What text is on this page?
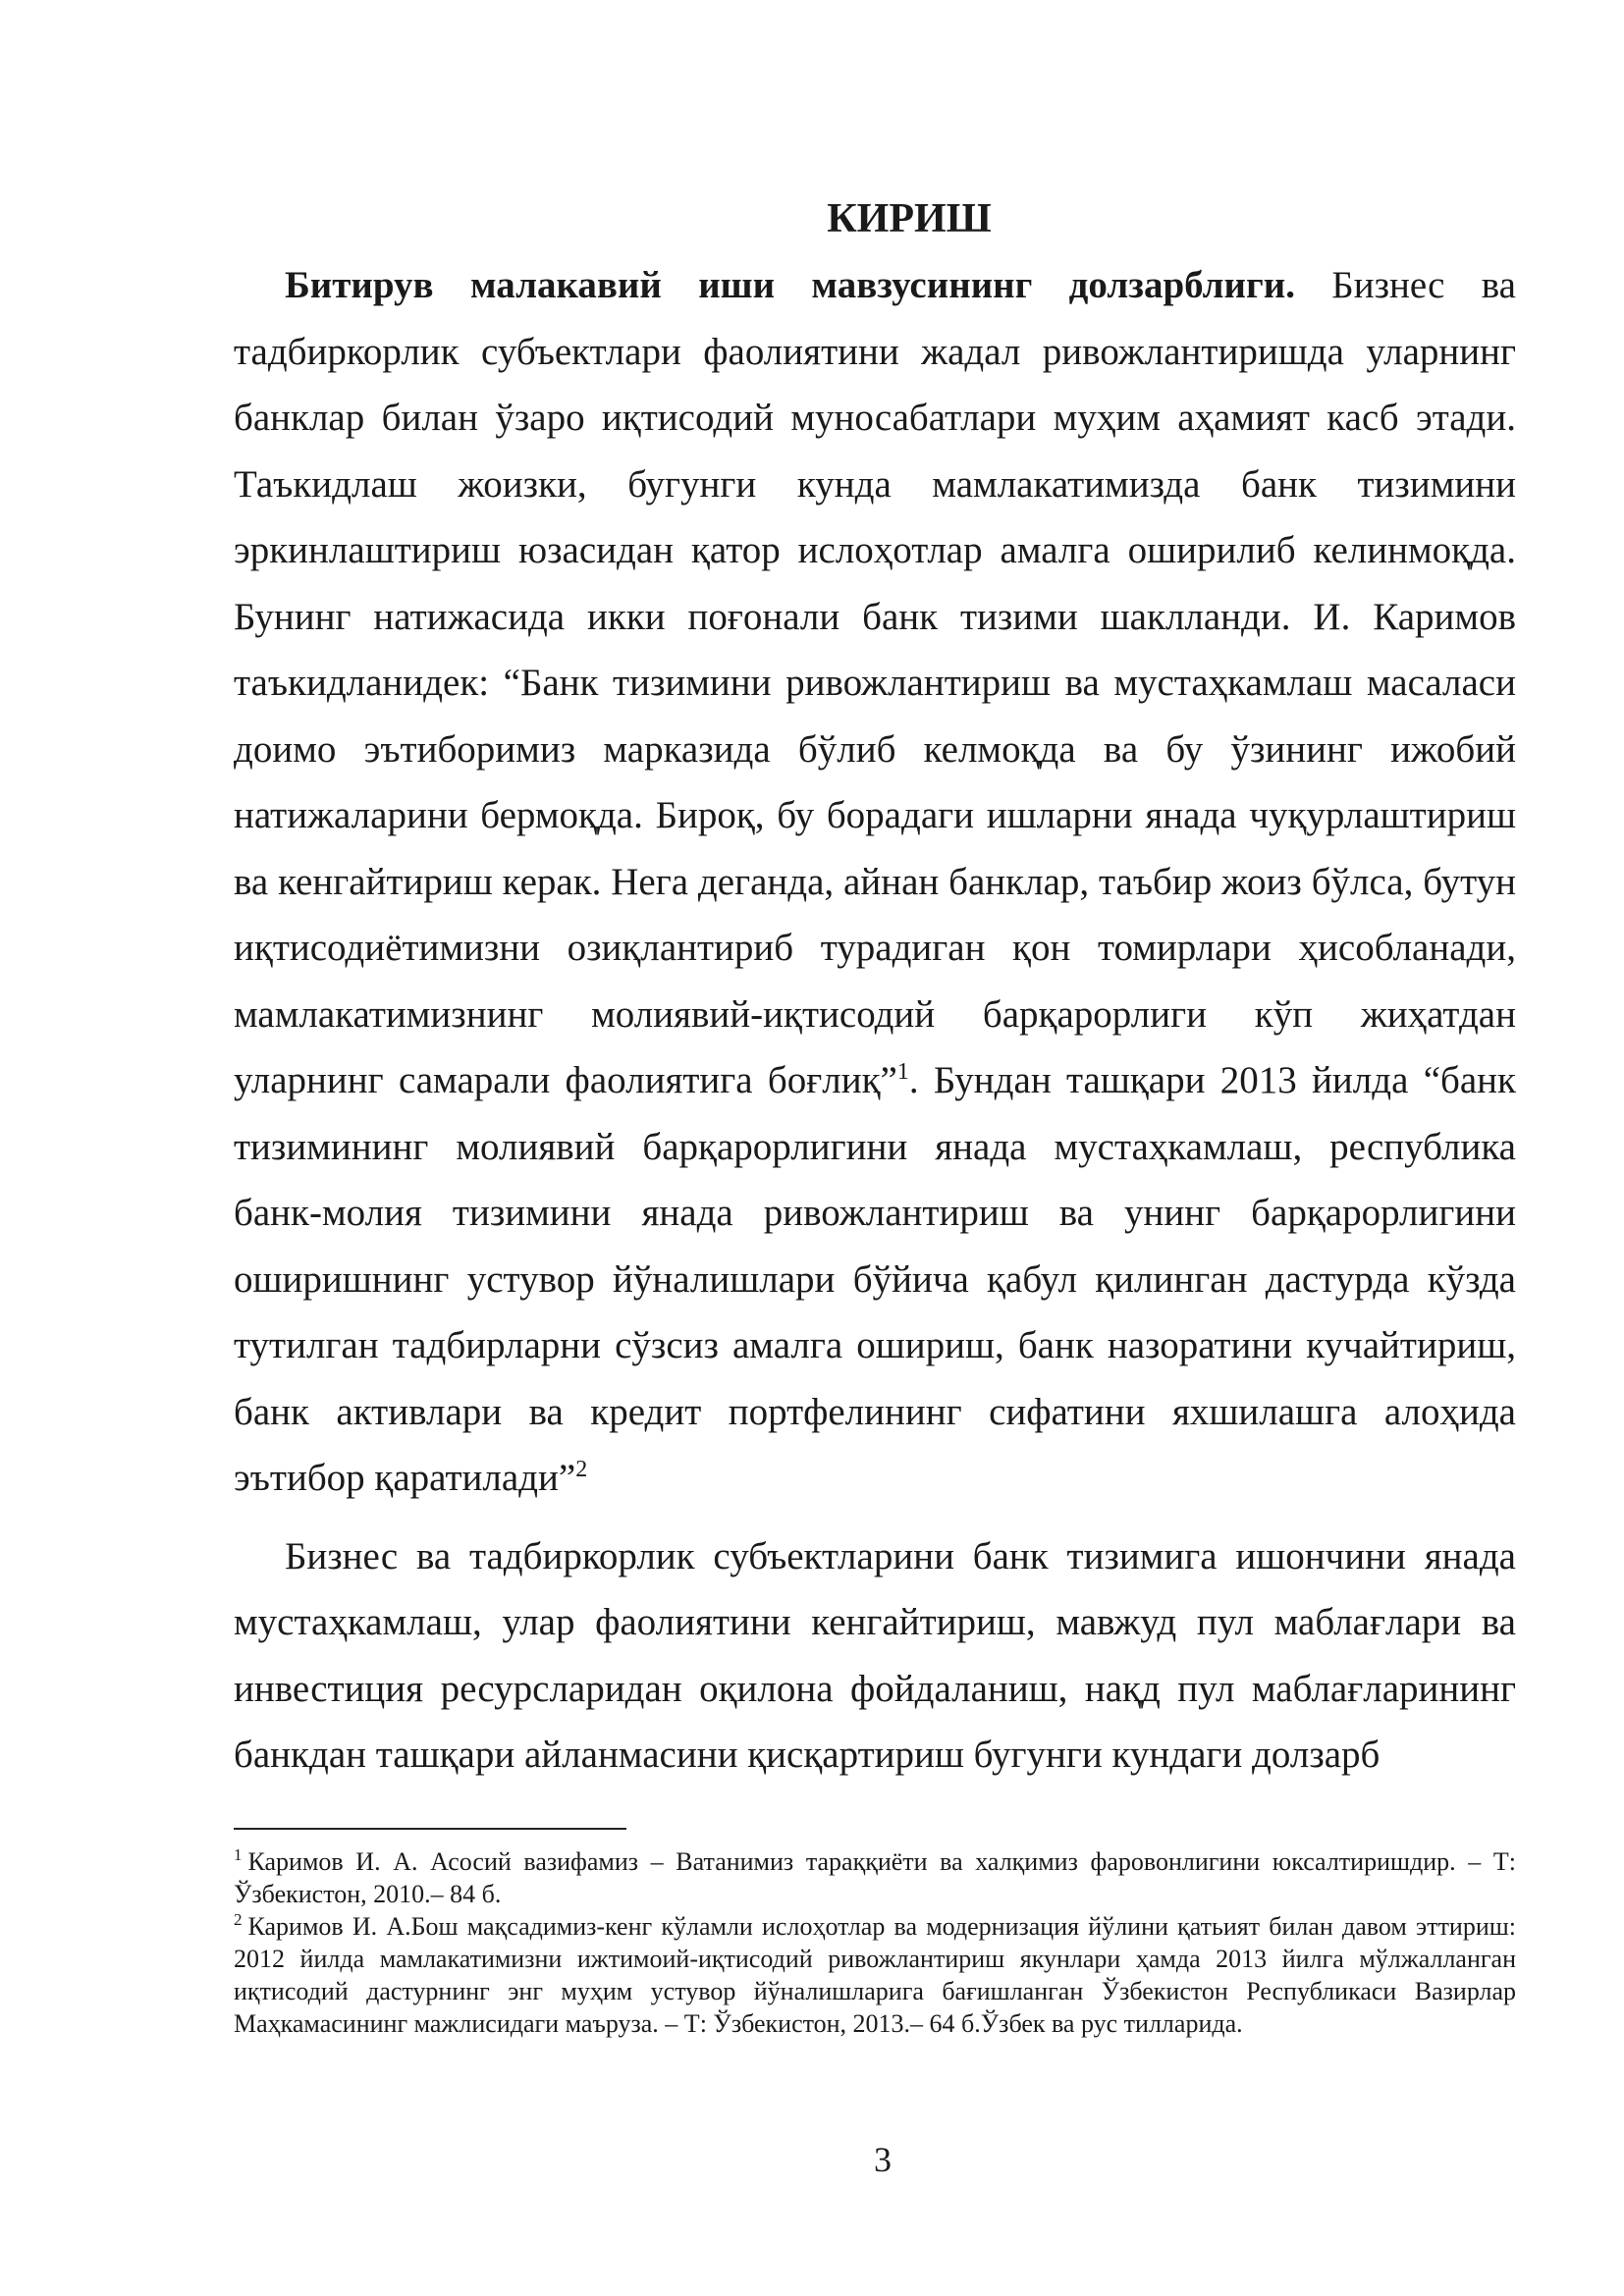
КИРИШ

Битирув малакавий иши мавзусининг долзарблиги. Бизнес ва тадбиркорлик субъектлари фаолиятини жадал ривожлантиришда уларнинг банклар билан ўзаро иқтисодий муносабатлари муҳим аҳамият касб этади. Таъкидлаш жоизки, бугунги кунда мамлакатимизда банк тизимини эркинлаштириш юзасидан қатор ислоҳотлар амалга оширилиб келинмоқда. Бунинг натижасида икки поғонали банк тизими шаклланди. И. Каримов таъкидланидек: “Банк тизимини ривожлантириш ва мустаҳкамлаш масаласи доимо эътиборимиз марказида бўлиб келмоқда ва бу ўзининг ижобий натижаларини бермоқда. Бироқ, бу борадаги ишларни янада чуқурлаштириш ва кенгайтириш керак. Нега деганда, айнан банклар, таъбир жоиз бўлса, бутун иқтисодиётимизни озиқлантириб турадиган қон томирлари ҳисобланади, мамлакатимизнинг молиявий-иқтисодий барқарорлиги кўп жиҳатдан уларнинг самарали фаолиятига боғлиқ”$^1$. Бундан ташқари 2013 йилда “банк тизимининг молиявий барқарорлигини янада мустаҳкамлаш, республика банк-молия тизимини янада ривожлантириш ва унинг барқарорлигини оширишнинг устувор йўналишлари бўйича қабул қилинган дастурда кўзда тутилган тадбирларни сўзсиз амалга ошириш, банк назоратини кучайтириш, банк активлари ва кредит портфелининг сифатини яхшилашга алоҳида эътибор қаратилади”$^2$

Бизнес ва тадбиркорлик субъектларини банк тизимига ишончини янада мустаҳкамлаш, улар фаолиятини кенгайтириш, мавжуд пул маблағлари ва инвестиция ресурсларидан оқилона фойдаланиш, нақд пул маблағларининг банкдан ташқари айланмасини қисқартириш бугунги кундаги долзарб

$^1$ Каримов И. А. Асосий вазифамиз – Ватанимиз тараққиёти ва халқимиз фаровонлигини юксалтиришдир. – Т: Ўзбекистон, 2010.– 84 б.

$^2$ Каримов И. А.Бош мақсадимиз-кенг кўламли ислоҳотлар ва модернизация йўлини қатьият билан давом эттириш: 2012 йилда мамлакатимизни ижтимоий-иқтисодий ривожлантириш якунлари ҳамда 2013 йилга мўлжалланган иқтисодий дастурнинг энг муҳим устувор йўналишларига бағишланган Ўзбекистон Республикаси Вазирлар Маҳкамасининг мажлисидаги маъруза. – Т: Ўзбекистон, 2013.– 64 б.Ўзбек ва рус тилларида.

3
